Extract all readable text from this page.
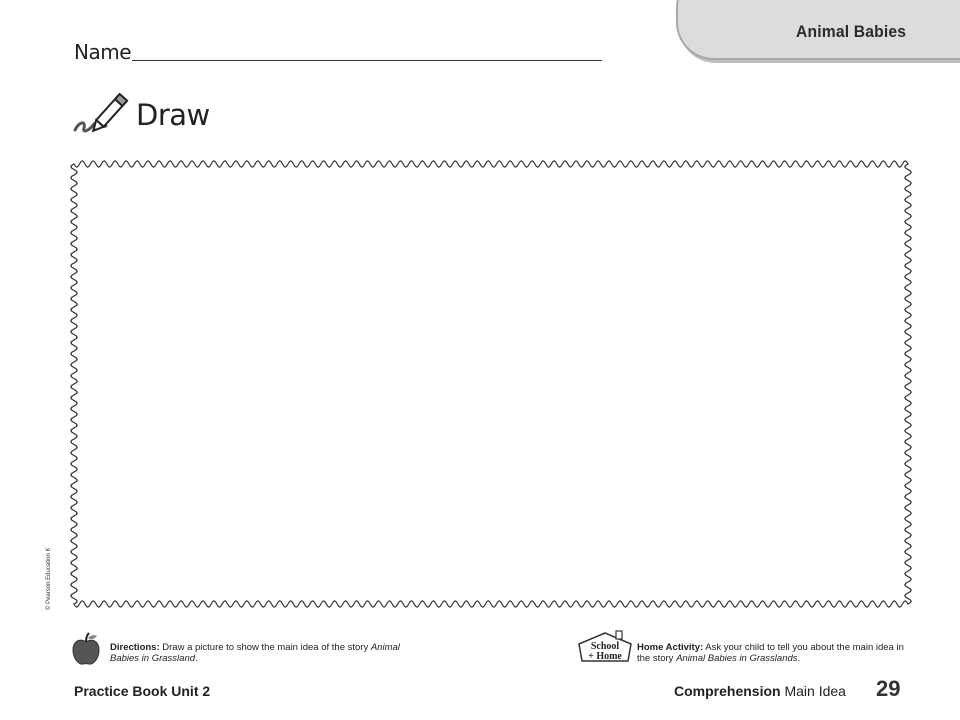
Animal Babies
Name
Draw
© Pearson Education K
Directions: Draw a picture to show the main idea of the story Animal Babies in Grassland.
School
+ Home
Home Activity: Ask your child to tell you about the main idea in the story Animal Babies in Grasslands.
Practice Book Unit 2	Comprehension Main Idea 29
